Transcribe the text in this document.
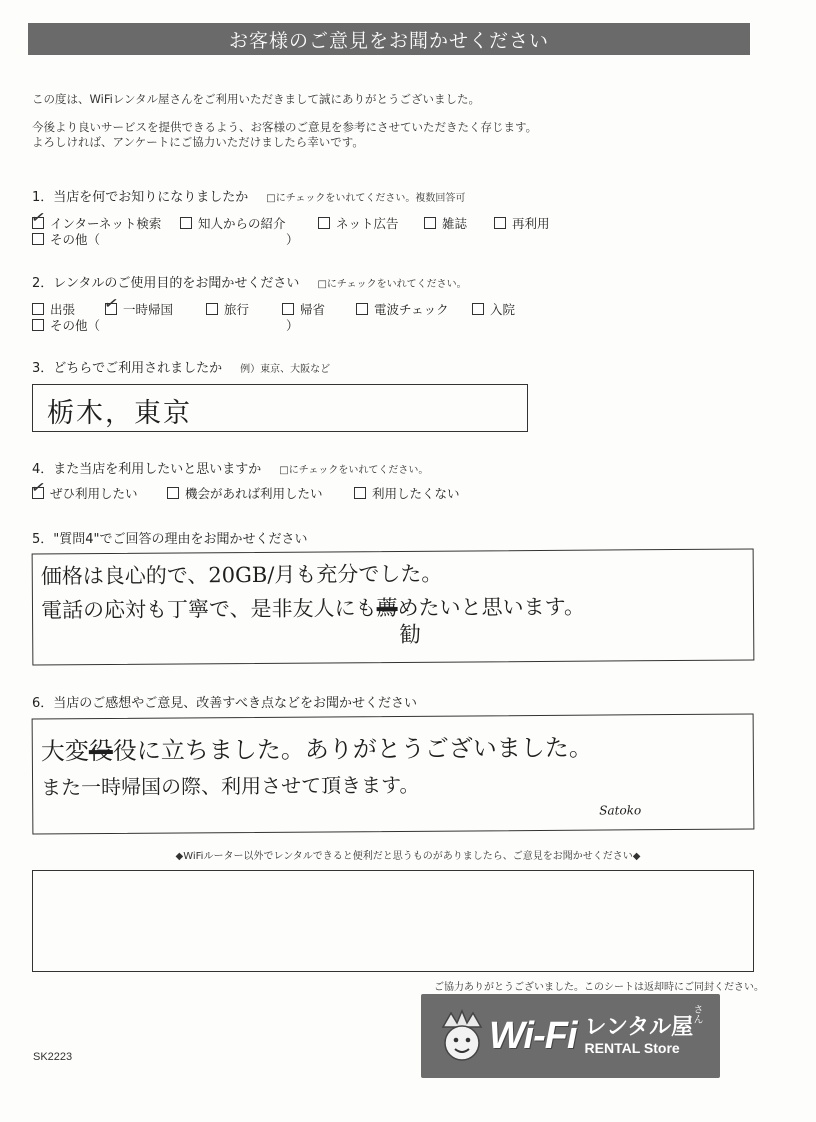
お客様のご意見をお聞かせください
この度は、WiFiレンタル屋さんをご利用いただきまして誠にありがとうございました。
今後より良いサービスを提供できるよう、お客様のご意見を参考にさせていただきたく存じます。
よろしければ、アンケートにご協力いただけましたら幸いです。
1．当店を何でお知りになりましたか □にチェックをいれてください。複数回答可
✓ インターネット検索	知人からの紹介	ネット広告	雑誌	再利用
その他（	）
2．レンタルのご使用目的をお聞かせください □にチェックをいれてください。
出張 ✓ 一時帰国	旅行	帰省	電波チェック	入院
その他（	）
3．どちらでご利用されましたか 例）東京、大阪など
栃木，東京
4．また当店を利用したいと思いますか □にチェックをいれてください。
✓ ぜひ利用したい	機会があれば利用したい	利用したくない
5．"質問4"でご回答の理由をお聞かせください
価格は良心的で、20GB/月も充分でした。
電話の応対も丁寧で、是非友人にも薦めたいと思います。
勧
6．当店のご感想やご意見、改善すべき点などをお聞かせください
大変役役に立ちました。ありがとうございました。
また一時帰国の際、利用させて頂きます。
Satoko
◆WiFiルーター以外でレンタルできると便利だと思うものがありましたら、ご意見をお聞かせください◆
ご協力ありがとうございました。このシートは返却時にご同封ください。
Wi-Fi レンタル屋
RENTAL Store
さん
SK2223
